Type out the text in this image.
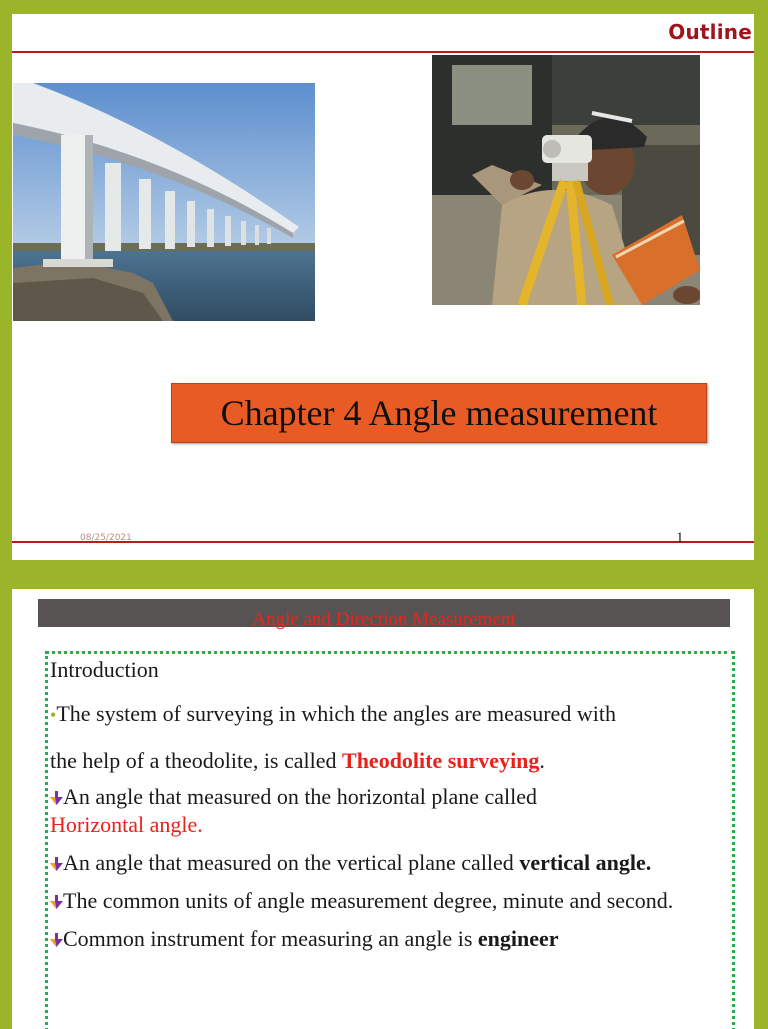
Outline
Chapter 4 Angle measurement
08/25/2021	1
Angle and Direction Measurement

Introduction

•The system of surveying in which the angles are measured with

the help of a theodolite, is called Theodolite surveying.

An angle that measured on the horizontal plane called
Horizontal angle.

An angle that measured on the vertical plane called vertical angle.

The common units of angle measurement degree, minute and second.

Common instrument for measuring an angle is engineer
